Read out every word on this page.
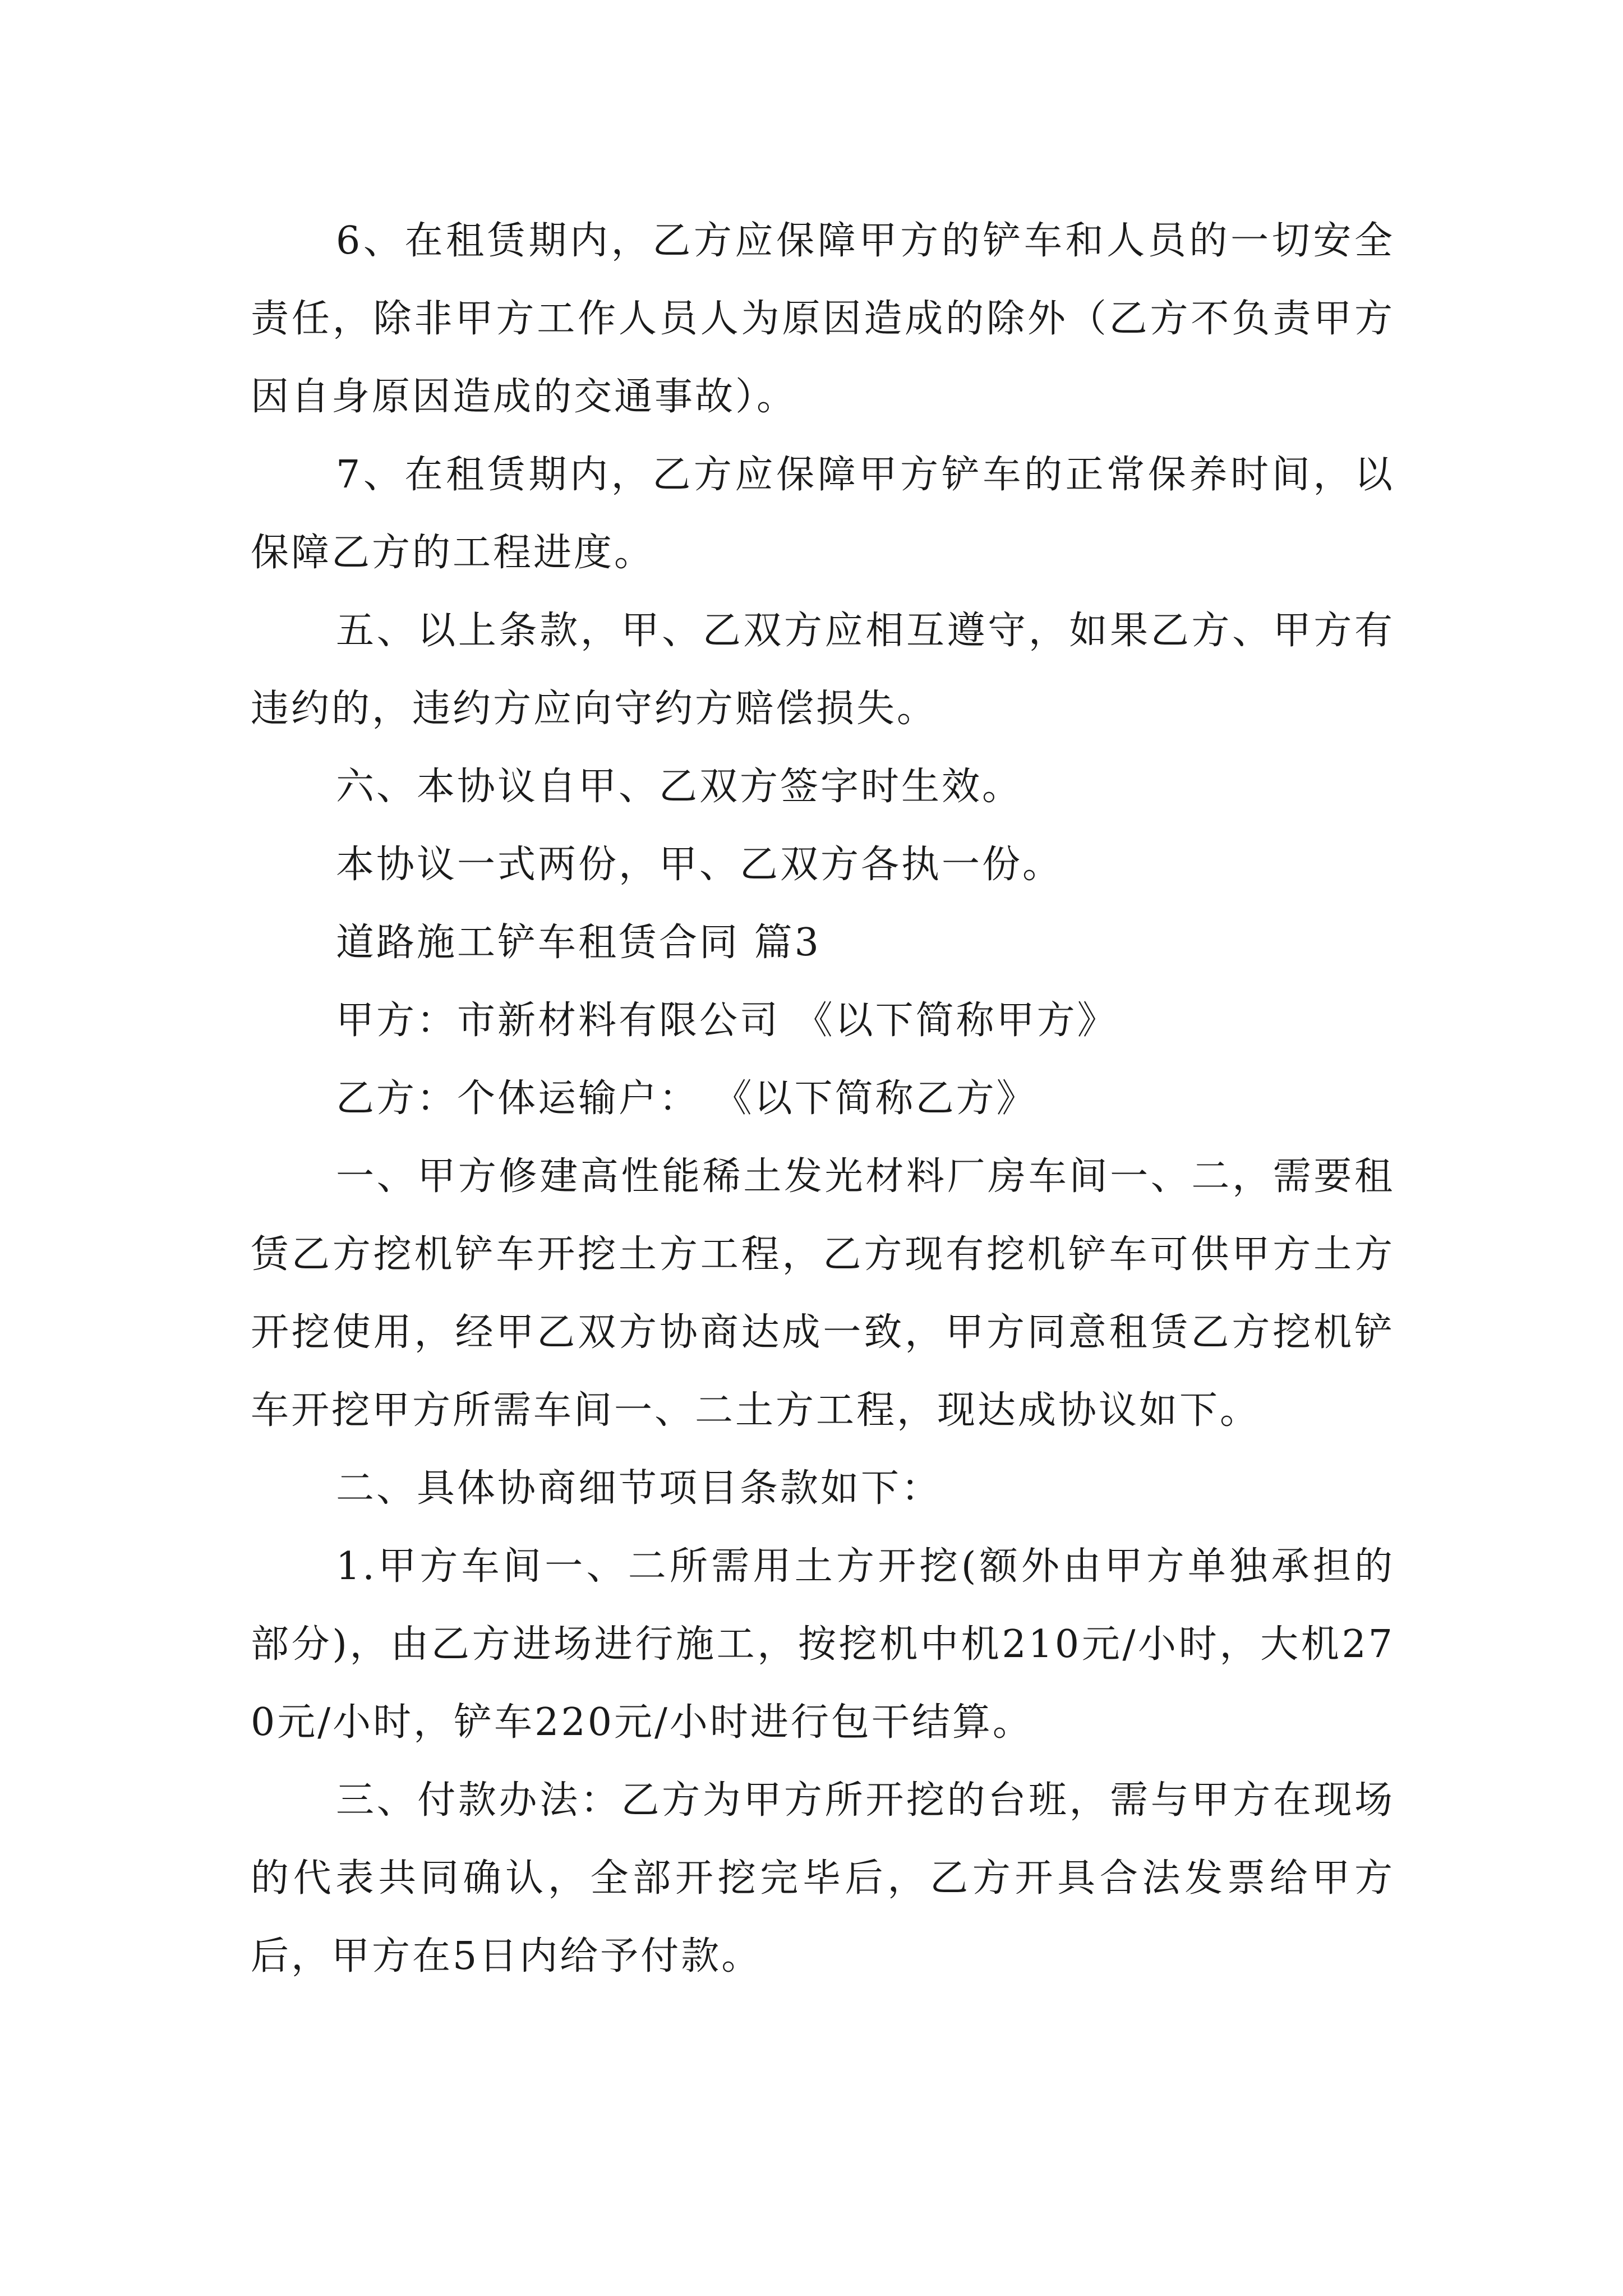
6、在租赁期内，乙方应保障甲方的铲车和人员的一切安全责任，除非甲方工作人员人为原因造成的除外（乙方不负责甲方因自身原因造成的交通事故）。

7、在租赁期内，乙方应保障甲方铲车的正常保养时间，以保障乙方的工程进度。

五、以上条款，甲、乙双方应相互遵守，如果乙方、甲方有违约的，违约方应向守约方赔偿损失。

六、本协议自甲、乙双方签字时生效。

本协议一式两份，甲、乙双方各执一份。

道路施工铲车租赁合同 篇3

甲方：市新材料有限公司 《以下简称甲方》

乙方：个体运输户： 《以下简称乙方》

一、甲方修建高性能稀土发光材料厂房车间一、二，需要租赁乙方挖机铲车开挖土方工程，乙方现有挖机铲车可供甲方土方开挖使用，经甲乙双方协商达成一致，甲方同意租赁乙方挖机铲车开挖甲方所需车间一、二土方工程，现达成协议如下。

二、具体协商细节项目条款如下：

1.甲方车间一、二所需用土方开挖(额外由甲方单独承担的部分)，由乙方进场进行施工，按挖机中机210元/小时，大机270元/小时，铲车220元/小时进行包干结算。

三、付款办法：乙方为甲方所开挖的台班，需与甲方在现场的代表共同确认，全部开挖完毕后，乙方开具合法发票给甲方后，甲方在5日内给予付款。
